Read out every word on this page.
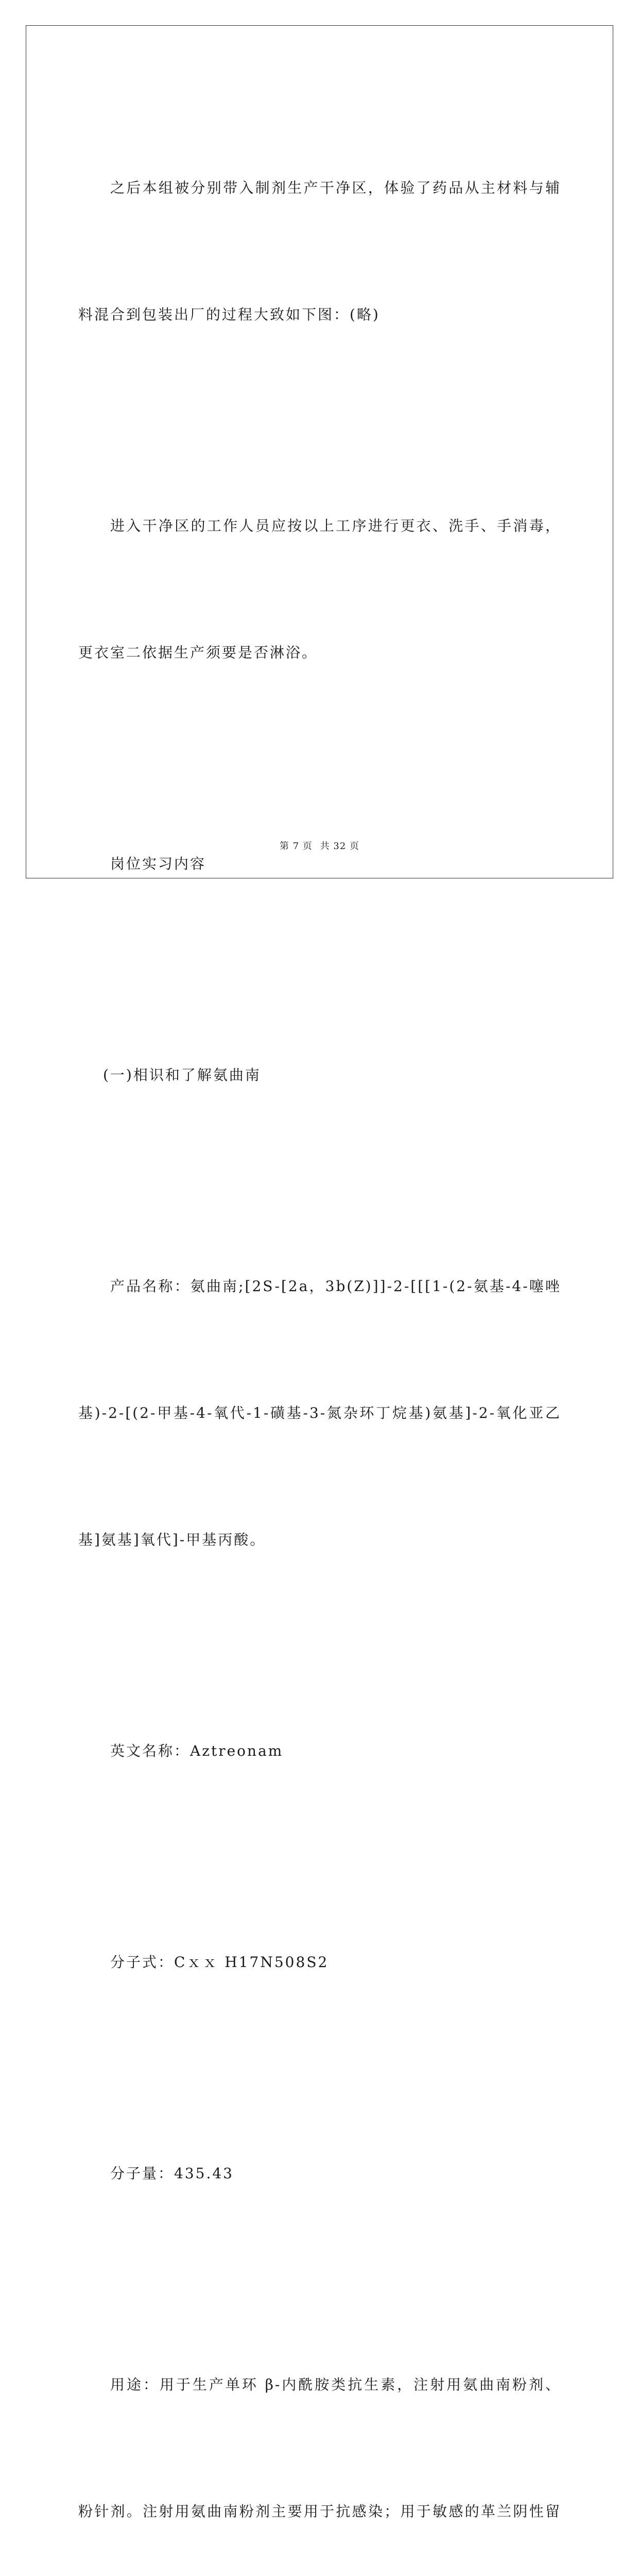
之后本组被分别带入制剂生产干净区，体验了药品从主材料与辅

料混合到包装出厂的过程大致如下图：(略)

进入干净区的工作人员应按以上工序进行更衣、洗手、手消毒，

更衣室二依据生产须要是否淋浴。

岗位实习内容

(一)相识和了解氨曲南

产品名称：氨曲南;[2S-[2a，3b(Z)]]-2-[[[1-(2-氨基-4-噻唑

基)-2-[(2-甲基-4-氧代-1-磺基-3-氮杂环丁烷基)氨基]-2-氧化亚乙

基]氨基]氧代]-甲基丙酸。

英文名称：Aztreonam

分子式：Cｘｘ H17N508S2

分子量：435.43

用途：用于生产单环 β-内酰胺类抗生素，注射用氨曲南粉剂、

粉针剂。注射用氨曲南粉剂主要用于抗感染；用于敏感的革兰阴性留

第 7 页 共 32 页
